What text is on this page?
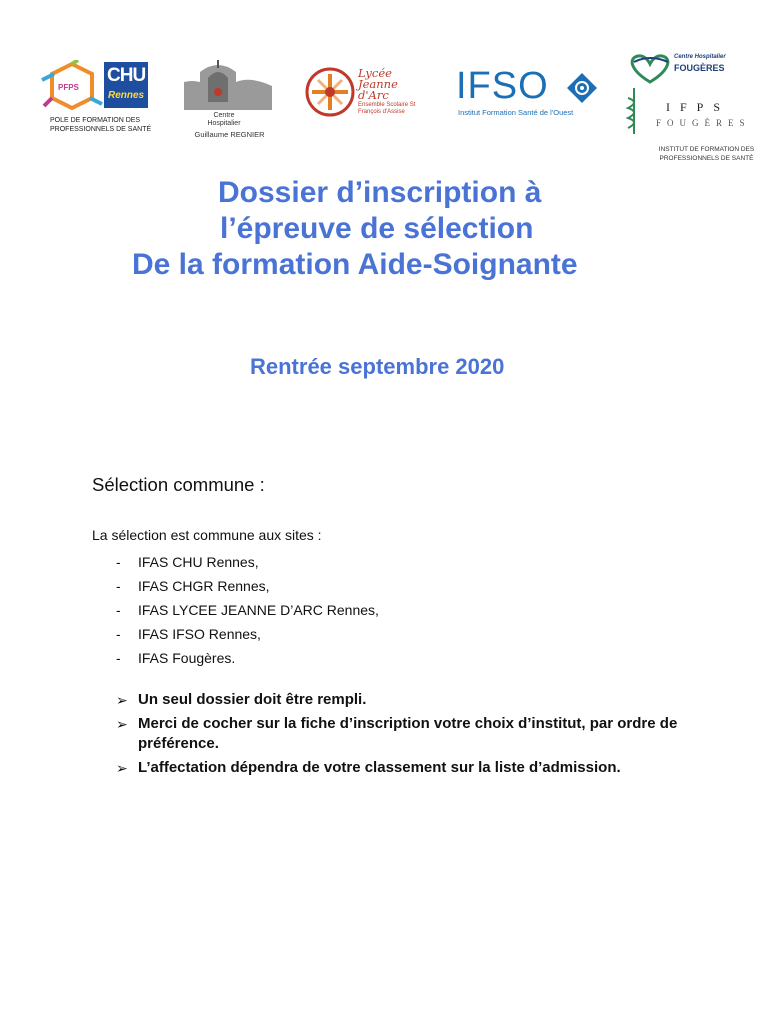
PFPS
CHU
Rennes
POLE DE FORMATION DES PROFESSIONNELS DE SANTÉ
Centre
Hospitalier
Guillaume REGNIER
Lycée
Jeanne
d'Arc
Ensemble Scolaire St François d'Assise
IFSO
Institut Formation Santé de l'Ouest
Centre Hospitalier
FOUGÈRES
IFPS
FOUGÈRES
INSTITUT DE FORMATION DES PROFESSIONNELS DE SANTÉ
Dossier d’inscription à
l’épreuve de sélection
De la formation Aide-Soignante
Rentrée septembre 2020
Sélection commune :
La sélection est commune aux sites :
- IFAS CHU Rennes,
- IFAS CHGR Rennes,
- IFAS LYCEE JEANNE D’ARC Rennes,
- IFAS IFSO Rennes,
- IFAS Fougères.
➢ Un seul dossier doit être rempli.
➢ Merci de cocher sur la fiche d’inscription votre choix d’institut, par ordre de préférence.
➢ L’affectation dépendra de votre classement sur la liste d’admission.
